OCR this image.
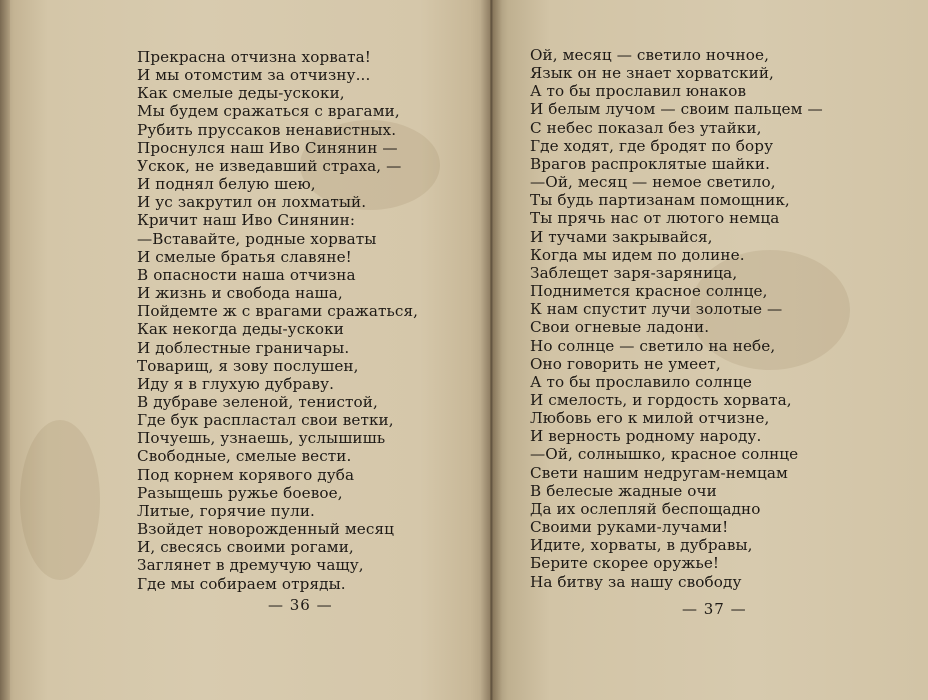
Прекрасна отчизна хорвата!
И мы отомстим за отчизну...
Как смелые деды-ускоки,
Мы будем сражаться с врагами,
Рубить пруссаков ненавистных.
Проснулся наш Иво Синянин —
Ускок, не изведавший страха, —
И поднял белую шею,
И ус закрутил он лохматый.
Кричит наш Иво Синянин:
—Вставайте, родные хорваты
И смелые братья славяне!
В опасности наша отчизна
И жизнь и свобода наша,
Пойдемте ж с врагами сражаться,
Как некогда деды-ускоки
И доблестные граничары.
Товарищ, я зову послушен,
Иду я в глухую дубраву.
В дубраве зеленой, тенистой,
Где бук распластал свои ветки,
Почуешь, узнаешь, услышишь
Свободные, смелые вести.
Под корнем корявого дуба
Разыщешь ружье боевое,
Литые, горячие пули.
Взойдет новорожденный месяц
И, свесясь своими рогами,
Заглянет в дремучую чащу,
Где мы собираем отряды.
— 36 —
Ой, месяц — светило ночное,
Язык он не знает хорватский,
А то бы прославил юнаков
И белым лучом — своим пальцем —
С небес показал без утайки,
Где ходят, где бродят по бору
Врагов распроклятые шайки.
—Ой, месяц — немое светило,
Ты будь партизанам помощник,
Ты прячь нас от лютого немца
И тучами закрывайся,
Когда мы идем по долине.
Заблещет заря-заряница,
Поднимется красное солнце,
К нам спустит лучи золотые —
Свои огневые ладони.
Но солнце — светило на небе,
Оно говорить не умеет,
А то бы прославило солнце
И смелость, и гордость хорвата,
Любовь его к милой отчизне,
И верность родному народу.
—Ой, солнышко, красное солнце
Свети нашим недругам-немцам
В белесые жадные очи
Да их ослепляй беспощадно
Своими руками-лучами!
Идите, хорваты, в дубравы,
Берите скорее оружье!
На битву за нашу свободу
— 37 —
